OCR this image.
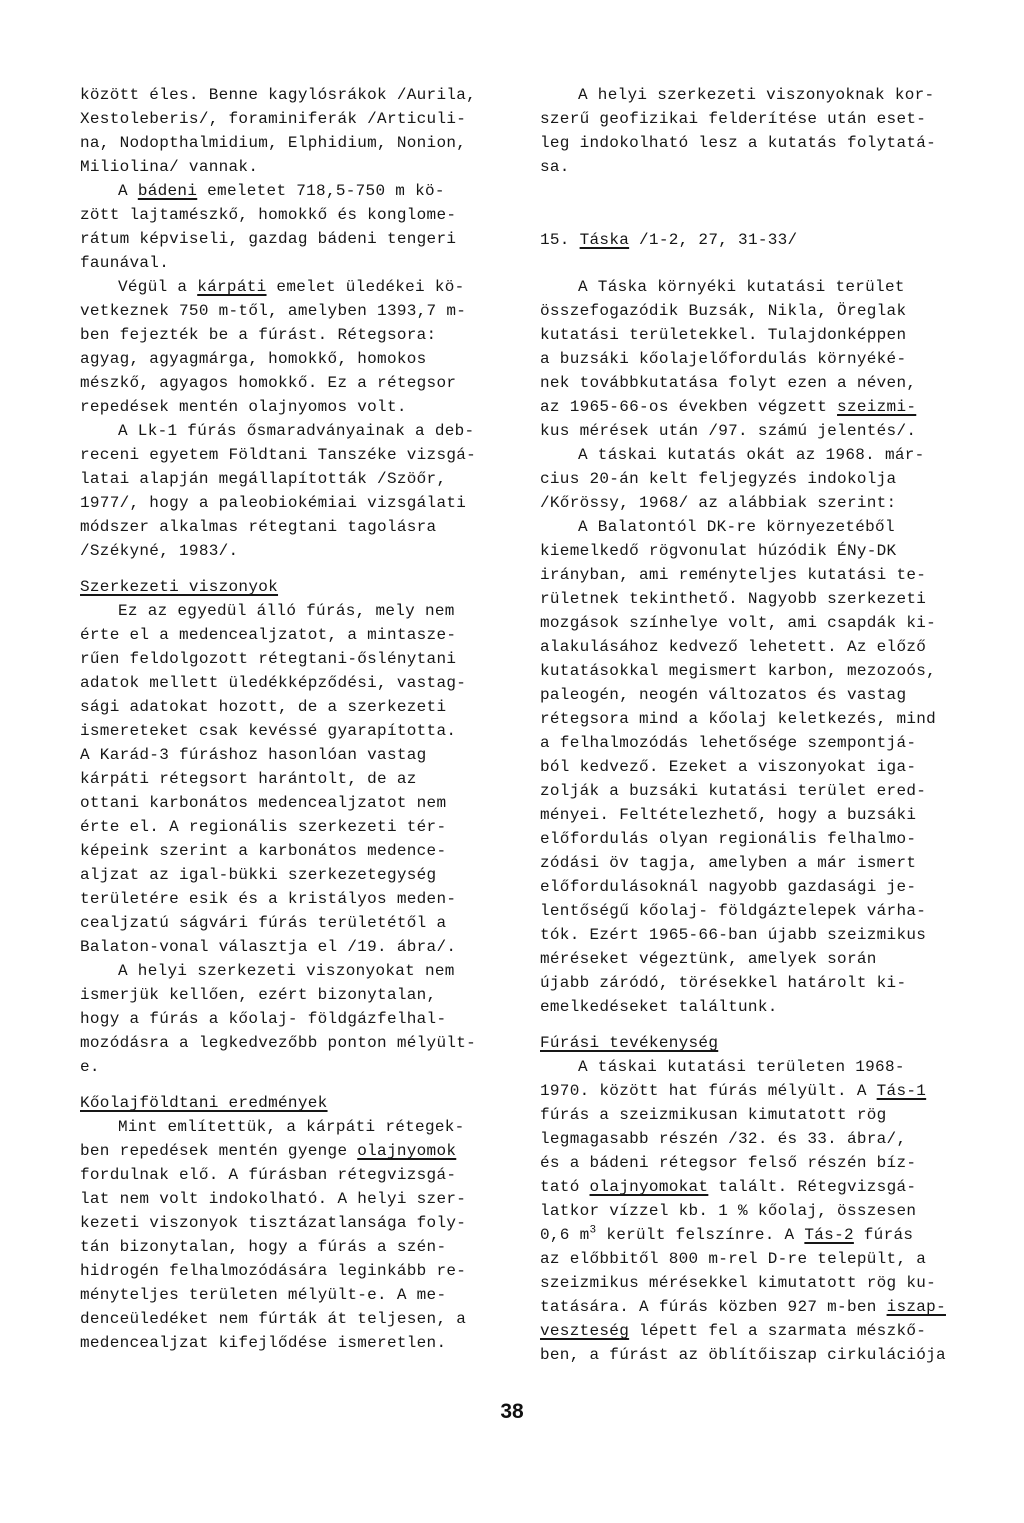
között éles. Benne kagylósrákok /Aurila,
Xestoleberis/, foraminiferák /Articuli-
na, Nodopthalmidium, Elphidium, Nonion,
Miliolina/ vannak.
A bádeni emeletet 718,5-750 m kö-
zött lajtamészkő, homokkő és konglome-
rátum képviseli, gazdag bádeni tengeri
faunával.
Végül a kárpáti emelet üledékei kö-
vetkeznek 750 m-től, amelyben 1393,7 m-
ben fejezték be a fúrást. Rétegsora:
agyag, agyagmárga, homokkő, homokos
mészkő, agyagos homokkő. Ez a rétegsor
repedések mentén olajnyomos volt.
A Lk-1 fúrás ősmaradványainak a deb-
receni egyetem Földtani Tanszéke vizsgá-
latai alapján megállapították /Szöőr,
1977/, hogy a paleobiokémiai vizsgálati
módszer alkalmas rétegtani tagolásra
/Székyné, 1983/.
Szerkezeti viszonyok
Ez az egyedül álló fúrás, mely nem
érte el a medencealjzatot, a mintasze-
rűen feldolgozott rétegtani-őslénytani
adatok mellett üledékképződési, vastag-
sági adatokat hozott, de a szerkezeti
ismereteket csak kevéssé gyarapította.
A Karád-3 fúráshoz hasonlóan vastag
kárpáti rétegsort harántolt, de az
ottani karbonátos medencealjzatot nem
érte el. A regionális szerkezeti tér-
képeink szerint a karbonátos medence-
aljzat az igal-bükki szerkezetegység
területére esik és a kristályos meden-
cealjzatú ságvári fúrás területétől a
Balaton-vonal választja el /19. ábra/.
A helyi szerkezeti viszonyokat nem
ismerjük kellően, ezért bizonytalan,
hogy a fúrás a kőolaj- földgázfelhal-
mozódásra a legkedvezőbb ponton mélyült-
e.
Kőolajföldtani eredmények
Mint említettük, a kárpáti rétegek-
ben repedések mentén gyenge olajnyomok
fordulnak elő. A fúrásban rétegvizsgá-
lat nem volt indokolható. A helyi szer-
kezeti viszonyok tisztázatlansága foly-
tán bizonytalan, hogy a fúrás a szén-
hidrogén felhalmozódására leginkább re-
ményteljes területen mélyült-e. A me-
denceüledéket nem fúrták át teljesen, a
medencealjzat kifejlődése ismeretlen.
A helyi szerkezeti viszonyoknak kor-
szerű geofizikai felderítése után eset-
leg indokolható lesz a kutatás folytatá-
sa.
15. Táska /1-2, 27, 31-33/
A Táska környéki kutatási terület
összefogazódik Buzsák, Nikla, Öreglak
kutatási területekkel. Tulajdonképpen
a buzsáki kőolajelőfordulás környéké-
nek továbbkutatása folyt ezen a néven,
az 1965-66-os években végzett szeizmi-
kus mérések után /97. számú jelentés/.
A táskai kutatás okát az 1968. már-
cius 20-án kelt feljegyzés indokolja
/Kőrössy, 1968/ az alábbiak szerint:
A Balatontól DK-re környezetéből
kiemelkedő rögvonulat húzódik ÉNy-DK
irányban, ami reményteljes kutatási te-
rületnek tekinthető. Nagyobb szerkezeti
mozgások színhelye volt, ami csapdák ki-
alakulásához kedvező lehetett. Az előző
kutatásokkal megismert karbon, mezozoós,
paleogén, neogén változatos és vastag
rétegsora mind a kőolaj keletkezés, mind
a felhalmozódás lehetősége szempontjá-
ból kedvező. Ezeket a viszonyokat iga-
zolják a buzsáki kutatási terület ered-
ményei. Feltételezhető, hogy a buzsáki
előfordulás olyan regionális felhalmo-
zódási öv tagja, amelyben a már ismert
előfordulásoknál nagyobb gazdasági je-
lentőségű kőolaj- földgáztelepek várha-
tók. Ezért 1965-66-ban újabb szeizmikus
méréseket végeztünk, amelyek során
újabb záródó, törésekkel határolt ki-
emelkedéseket találtunk.
Fúrási tevékenység
A táskai kutatási területen 1968-
1970. között hat fúrás mélyült. A Tás-1
fúrás a szeizmikusan kimutatott rög
legmagasabb részén /32. és 33. ábra/,
és a bádeni rétegsor felső részén bíz-
tató olajnyomokat talált. Rétegvizsgá-
latkor vízzel kb. 1 % kőolaj, összesen
0,6 $m^3$ került felszínre. A Tás-2 fúrás
az előbbitől 800 m-rel D-re települt, a
szeizmikus mérésekkel kimutatott rög ku-
tatására. A fúrás közben 927 m-ben iszap-
veszteség lépett fel a szarmata mészkő-
ben, a fúrást az öblítőiszap cirkulációja
38
